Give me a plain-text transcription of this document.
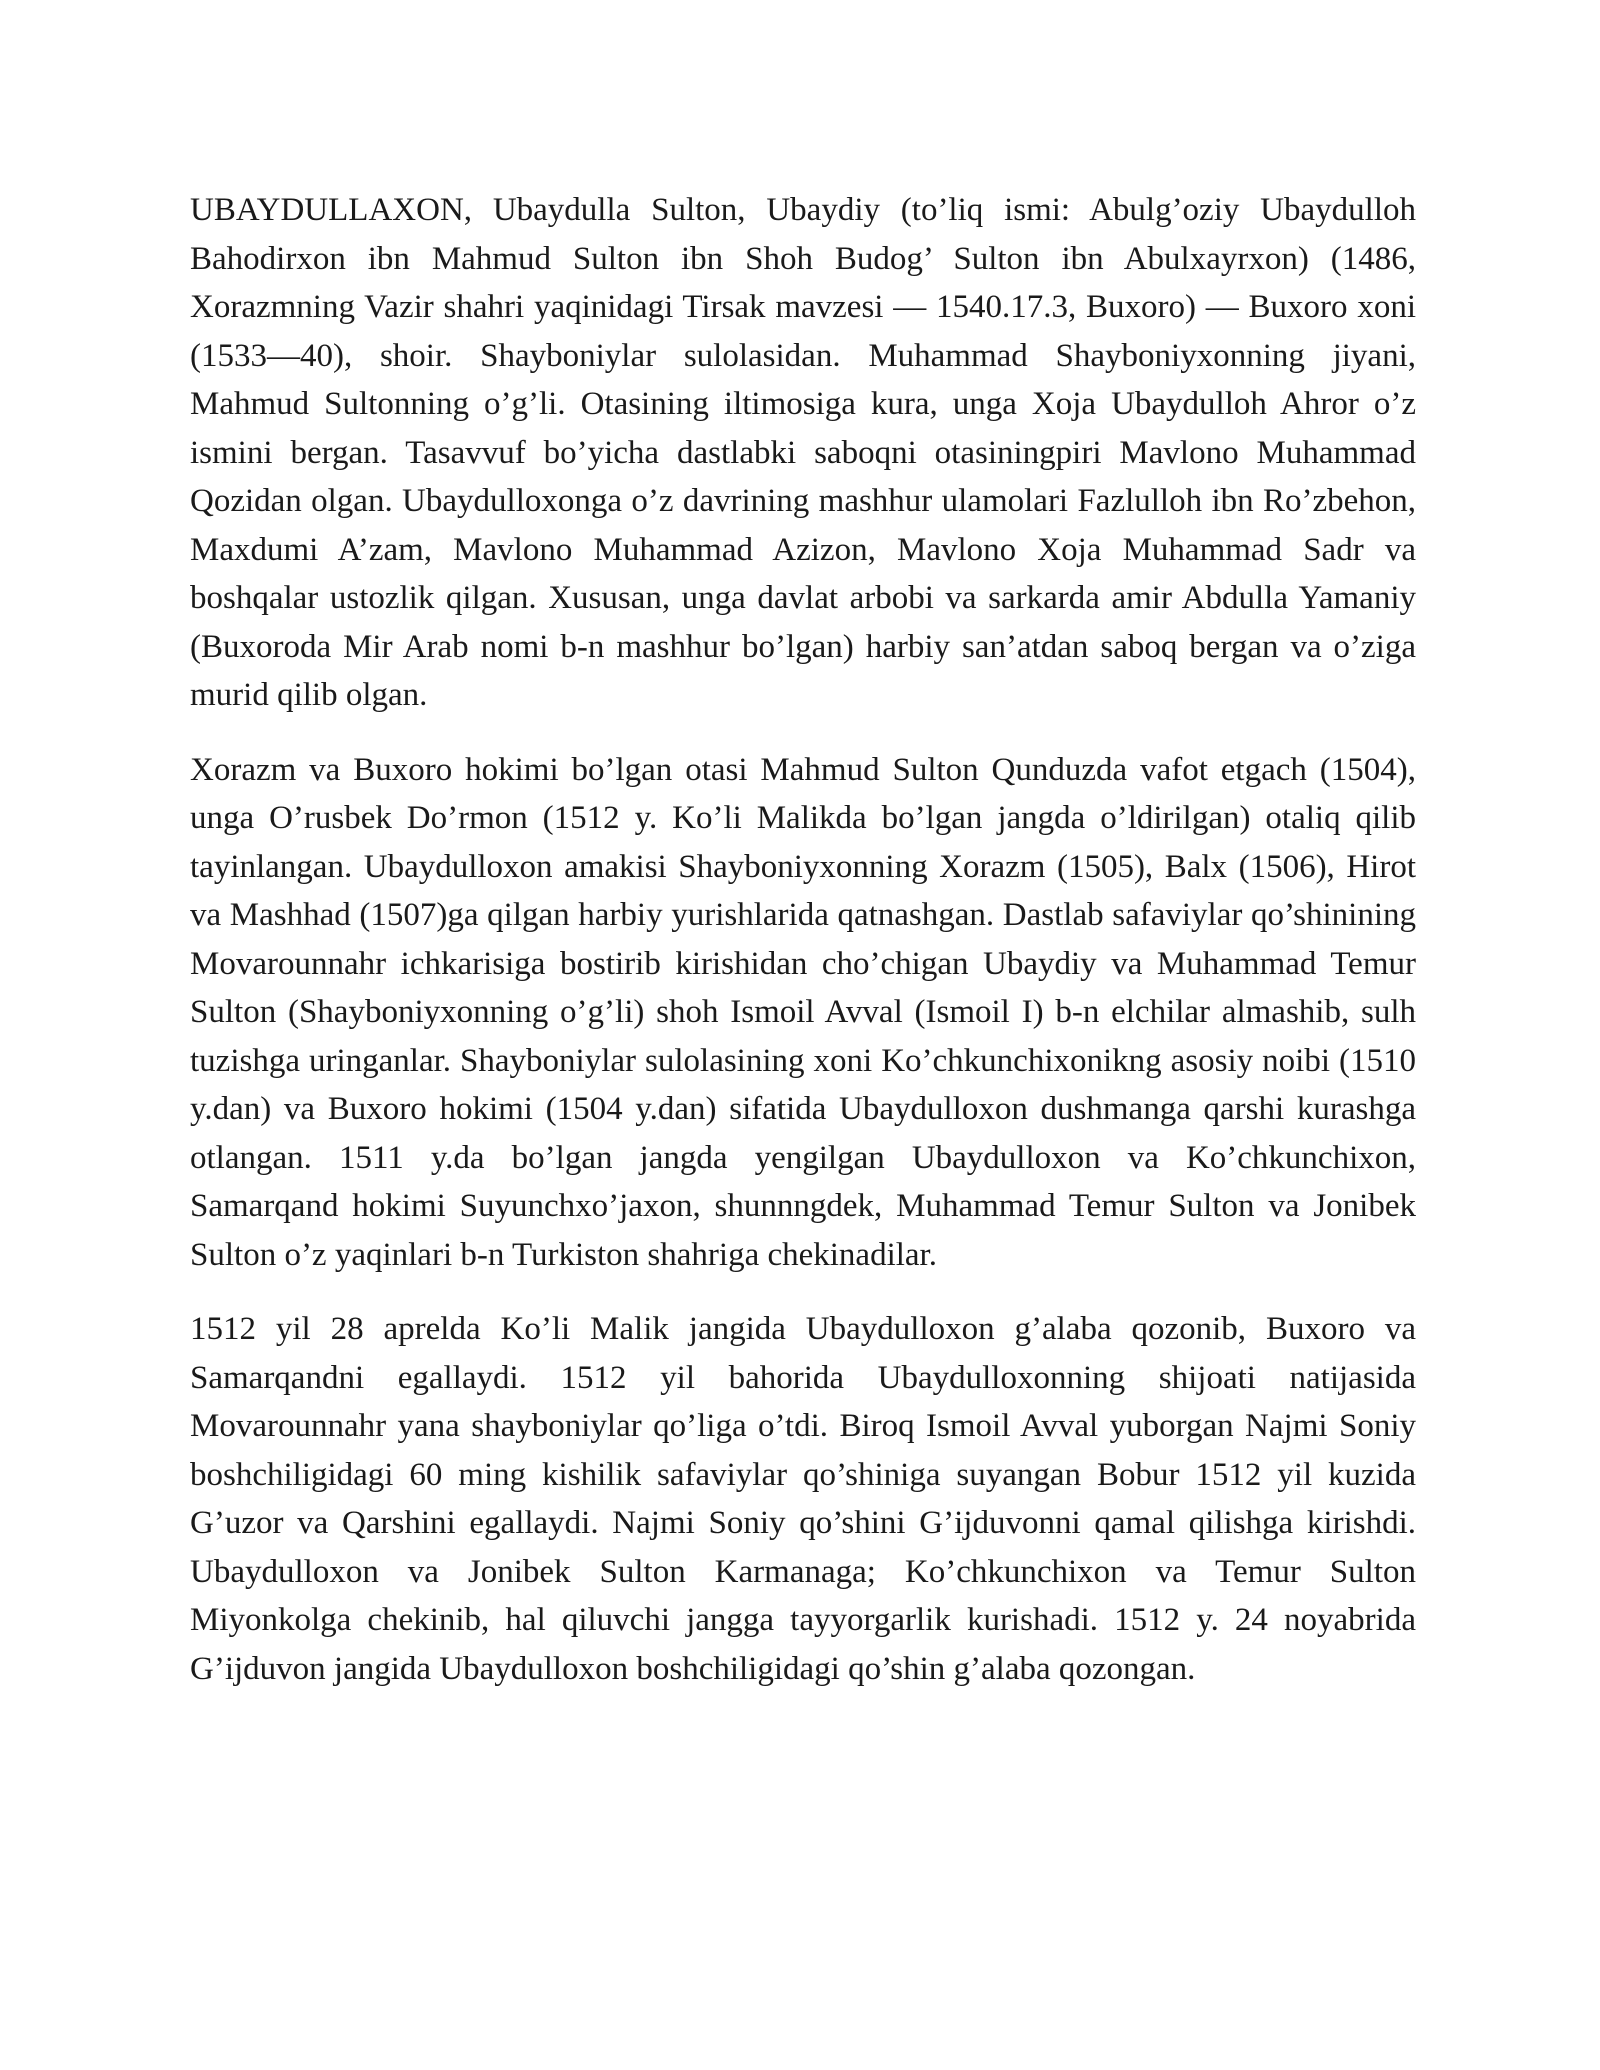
UBAYDULLAXON, Ubaydulla Sulton, Ubaydiy (to’liq ismi: Abulg’oziy Ubaydulloh Bahodirxon ibn Mahmud Sulton ibn Shoh Budog’ Sulton ibn Abulxayrxon) (1486, Xorazmning Vazir shahri yaqinidagi Tirsak mavzesi — 1540.17.3, Buxoro) — Buxoro xoni (1533—40), shoir. Shayboniylar sulolasidan. Muhammad Shayboniyxonning jiyani, Mahmud Sultonning o’g’li. Otasining iltimosiga kura, unga Xoja Ubaydulloh Ahror o’z ismini bergan. Tasavvuf bo’yicha dastlabki saboqni otasiningpiri Mavlono Muhammad Qozidan olgan. Ubaydulloxonga o’z davrining mashhur ulamolari Fazlulloh ibn Ro’zbehon, Maxdumi A’zam, Mavlono Muhammad Azizon, Mavlono Xoja Muhammad Sadr va boshqalar ustozlik qilgan. Xususan, unga davlat arbobi va sarkarda amir Abdulla Yamaniy (Buxoroda Mir Arab nomi b-n mashhur bo’lgan) harbiy san’atdan saboq bergan va o’ziga murid qilib olgan.

Xorazm va Buxoro hokimi bo’lgan otasi Mahmud Sulton Qunduzda vafot etgach (1504), unga O’rusbek Do’rmon (1512 y. Ko’li Malikda bo’lgan jangda o’ldirilgan) otaliq qilib tayinlangan. Ubaydulloxon amakisi Shayboniyxonning Xorazm (1505), Balx (1506), Hirot va Mashhad (1507)ga qilgan harbiy yurishlarida qatnashgan. Dastlab safaviylar qo’shinining Movarounnahr ichkarisiga bostirib kirishidan cho’chigan Ubaydiy va Muhammad Temur Sulton (Shayboniyxonning o’g’li) shoh Ismoil Avval (Ismoil I) b-n elchilar almashib, sulh tuzishga uringanlar. Shayboniylar sulolasining xoni Ko’chkunchixonikng asosiy noibi (1510 y.dan) va Buxoro hokimi (1504 y.dan) sifatida Ubaydulloxon dushmanga qarshi kurashga otlangan. 1511 y.da bo’lgan jangda yengilgan Ubaydulloxon va Ko’chkunchixon, Samarqand hokimi Suyunchxo’jaxon, shunnngdek, Muhammad Temur Sulton va Jonibek Sulton o’z yaqinlari b-n Turkiston shahriga chekinadilar.

1512 yil 28 aprelda Ko’li Malik jangida Ubaydulloxon g’alaba qozonib, Buxoro va Samarqandni egallaydi. 1512 yil bahorida Ubaydulloxonning shijoati natijasida Movarounnahr yana shayboniylar qo’liga o’tdi. Biroq Ismoil Avval yuborgan Najmi Soniy boshchiligidagi 60 ming kishilik safaviylar qo’shiniga suyangan Bobur 1512 yil kuzida G’uzor va Qarshini egallaydi. Najmi Soniy qo’shini G’ijduvonni qamal qilishga kirishdi. Ubaydulloxon va Jonibek Sulton Karmanaga; Ko’chkunchixon va Temur Sulton Miyonkolga chekinib, hal qiluvchi jangga tayyorgarlik kurishadi. 1512 y. 24 noyabrida G’ijduvon jangida Ubaydulloxon boshchiligidagi qo’shin g’alaba qozongan.
